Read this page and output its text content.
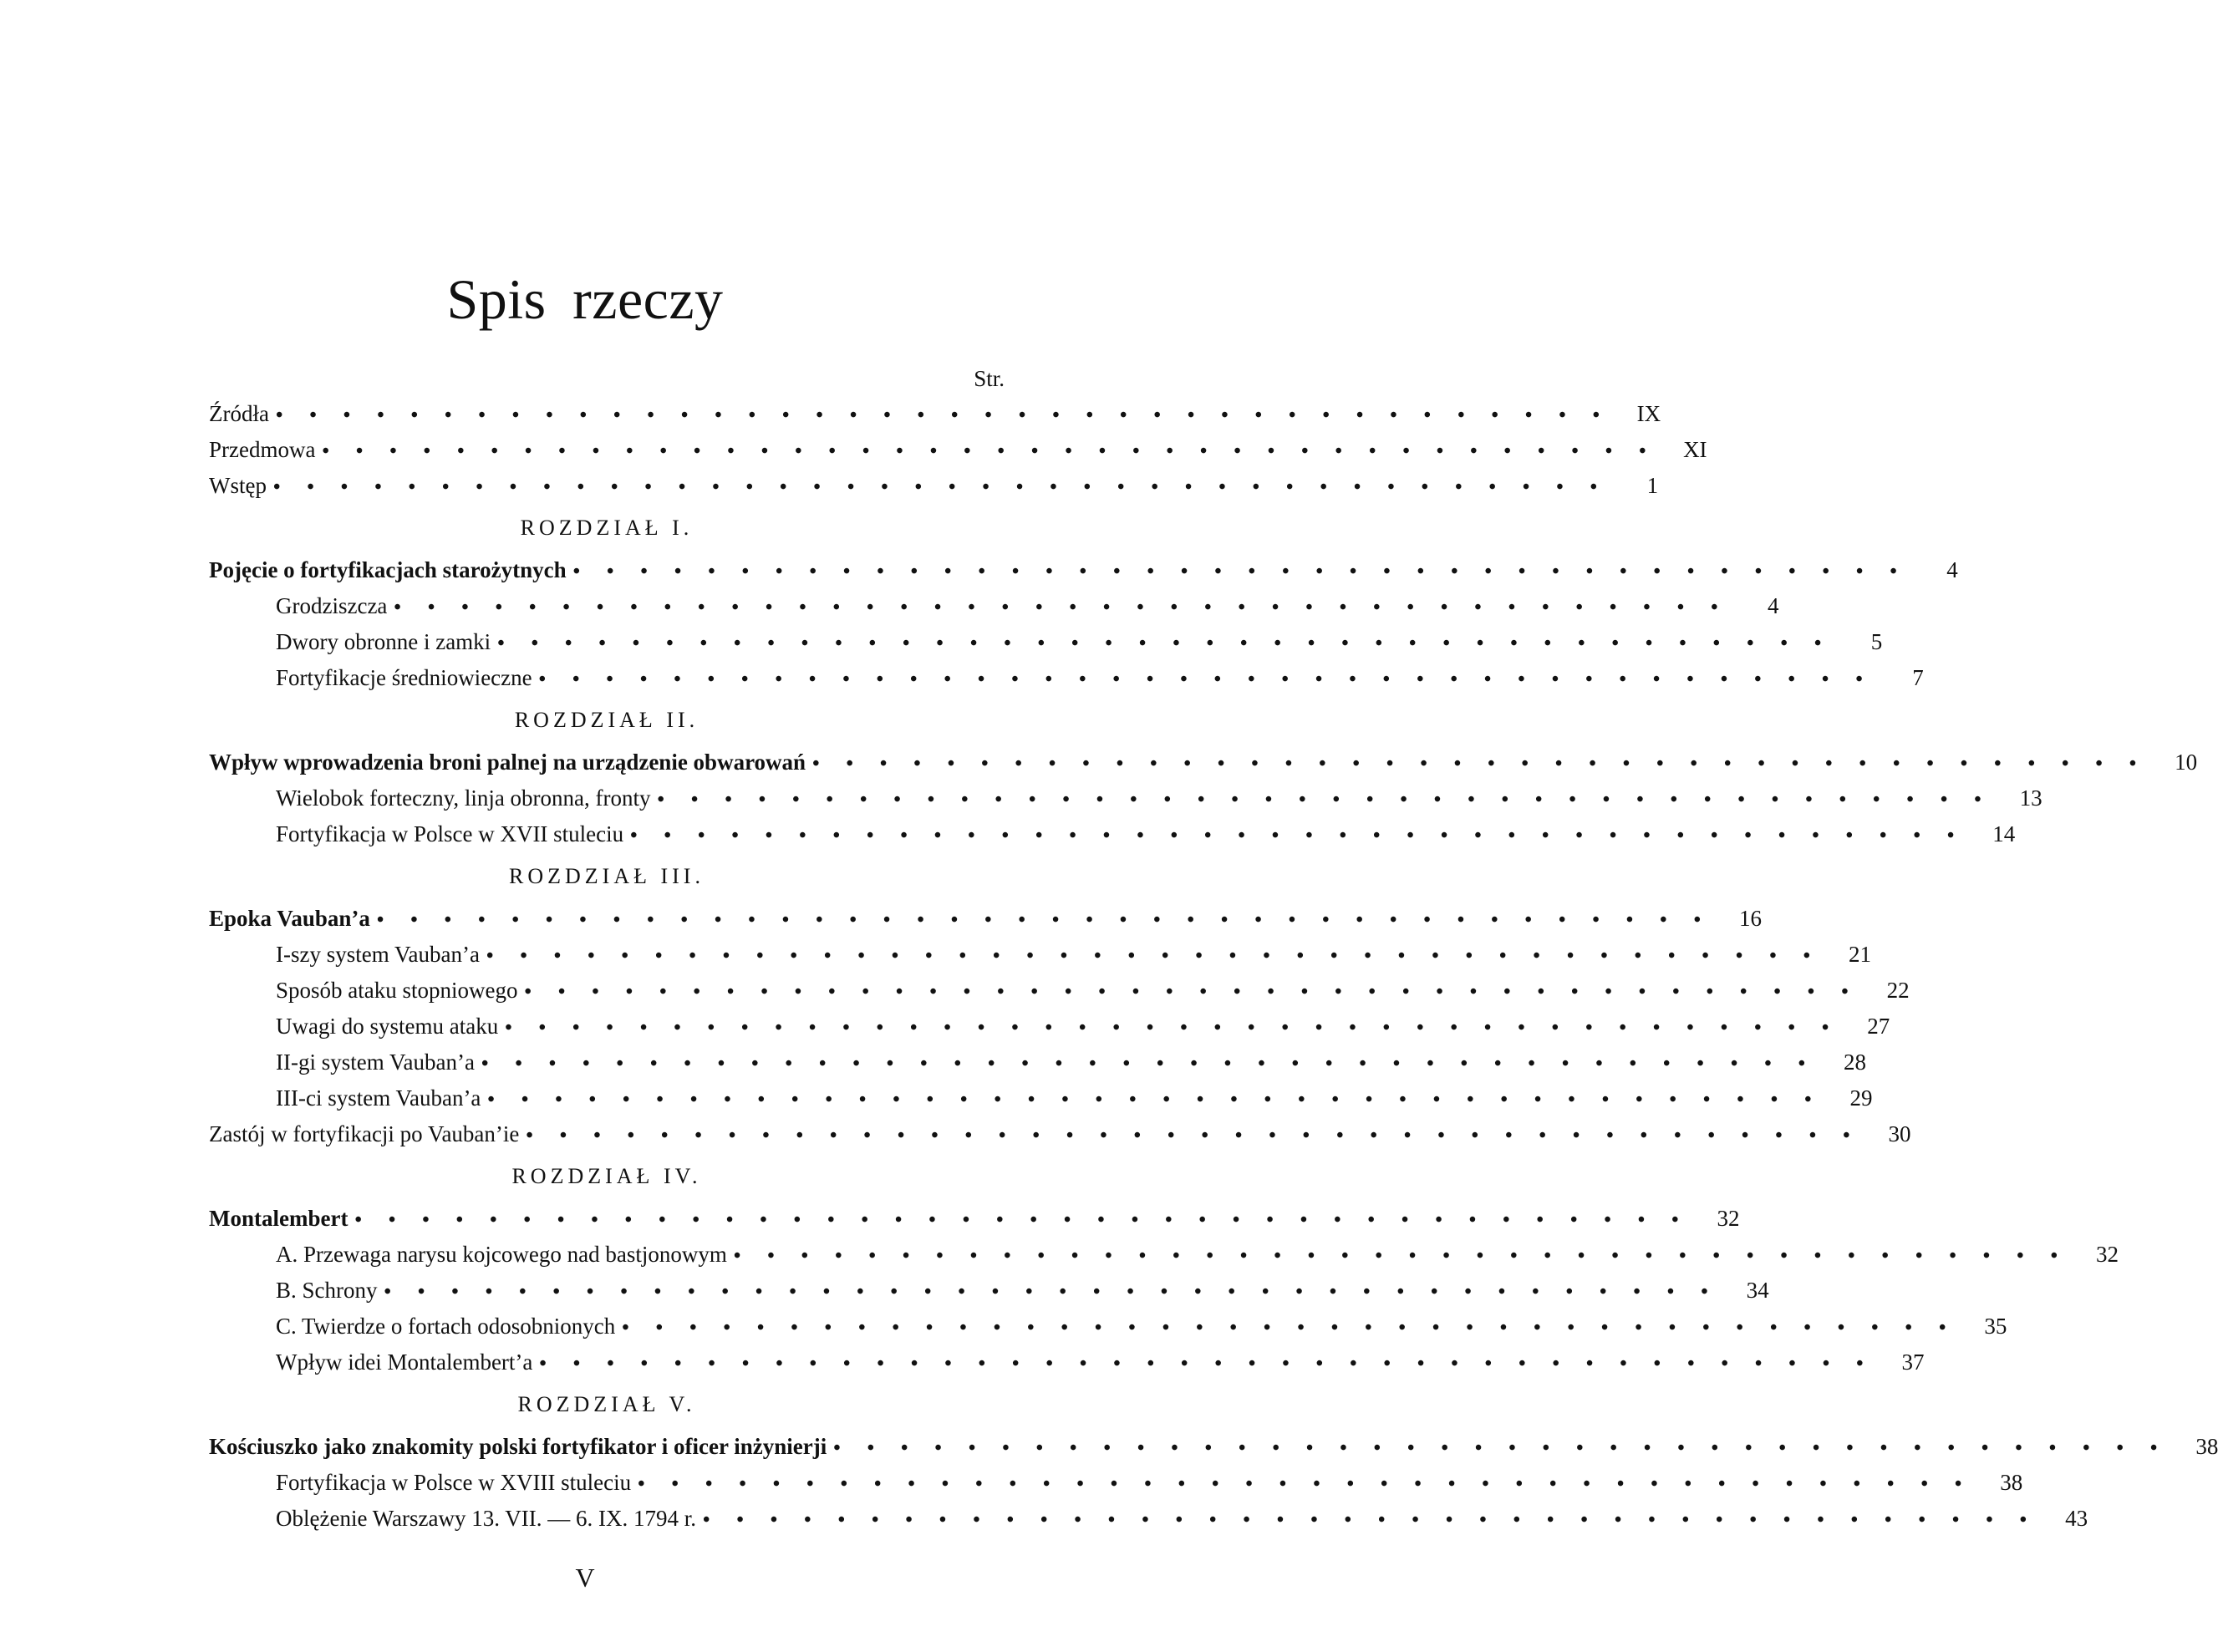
Spis rzeczy
Str.
Źródła • • • • • • • • • • • • • • • • • • • • • • • • • • • • • • • • • • • • • • • •	IX
Przedmowa • • • • • • • • • • • • • • • • • • • • • • • • • • • • • • • • • • • • • • • •	XI
Wstęp • • • • • • • • • • • • • • • • • • • • • • • • • • • • • • • • • • • • • • • •	1
ROZDZIAŁ I.
Pojęcie o fortyfikacjach starożytnych • • • • • • • • • • • • • • • • • • • • • • • • • • • • • • • • • • • • • • • •	4
Grodziszcza • • • • • • • • • • • • • • • • • • • • • • • • • • • • • • • • • • • • • • • •	4
Dwory obronne i zamki • • • • • • • • • • • • • • • • • • • • • • • • • • • • • • • • • • • • • • • •	5
Fortyfikacje średniowieczne • • • • • • • • • • • • • • • • • • • • • • • • • • • • • • • • • • • • • • • •	7
ROZDZIAŁ II.
Wpływ wprowadzenia broni palnej na urządzenie obwarowań • • • • • • • • • • • • • • • • • • • • • • • • • • • • • • • • • • • • • • • •	10
Wielobok forteczny, linja obronna, fronty • • • • • • • • • • • • • • • • • • • • • • • • • • • • • • • • • • • • • • • •	13
Fortyfikacja w Polsce w XVII stuleciu • • • • • • • • • • • • • • • • • • • • • • • • • • • • • • • • • • • • • • • •	14
ROZDZIAŁ III.
Epoka Vauban’a • • • • • • • • • • • • • • • • • • • • • • • • • • • • • • • • • • • • • • • •	16
I-szy system Vauban’a • • • • • • • • • • • • • • • • • • • • • • • • • • • • • • • • • • • • • • • •	21
Sposób ataku stopniowego • • • • • • • • • • • • • • • • • • • • • • • • • • • • • • • • • • • • • • • •	22
Uwagi do systemu ataku • • • • • • • • • • • • • • • • • • • • • • • • • • • • • • • • • • • • • • • •	27
II-gi system Vauban’a • • • • • • • • • • • • • • • • • • • • • • • • • • • • • • • • • • • • • • • •	28
III-ci system Vauban’a • • • • • • • • • • • • • • • • • • • • • • • • • • • • • • • • • • • • • • • •	29
Zastój w fortyfikacji po Vauban’ie • • • • • • • • • • • • • • • • • • • • • • • • • • • • • • • • • • • • • • • •	30
ROZDZIAŁ IV.
Montalembert • • • • • • • • • • • • • • • • • • • • • • • • • • • • • • • • • • • • • • • •	32
A. Przewaga narysu kojcowego nad bastjonowym • • • • • • • • • • • • • • • • • • • • • • • • • • • • • • • • • • • • • • • •	32
B. Schrony • • • • • • • • • • • • • • • • • • • • • • • • • • • • • • • • • • • • • • • •	34
C. Twierdze o fortach odosobnionych • • • • • • • • • • • • • • • • • • • • • • • • • • • • • • • • • • • • • • • •	35
Wpływ idei Montalembert’a • • • • • • • • • • • • • • • • • • • • • • • • • • • • • • • • • • • • • • • •	37
ROZDZIAŁ V.
Kościuszko jako znakomity polski fortyfikator i oficer inżynierji • • • • • • • • • • • • • • • • • • • • • • • • • • • • • • • • • • • • • • • •	38
Fortyfikacja w Polsce w XVIII stuleciu • • • • • • • • • • • • • • • • • • • • • • • • • • • • • • • • • • • • • • • •	38
Oblężenie Warszawy 13. VII. — 6. IX. 1794 r. • • • • • • • • • • • • • • • • • • • • • • • • • • • • • • • • • • • • • • • •	43
V
